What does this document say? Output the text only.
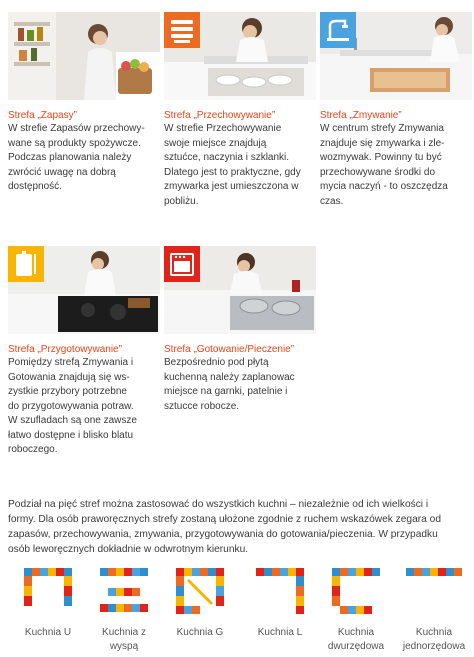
Strefa „Zapasy”
W strefie Zapasów przechowy-
wane są produkty spożywcze.
Podczas planowania należy
zwrócić uwagę na dobrą
dostępność.
Strefa „Przechowywanie”
W strefie Przechowywanie
swoje miejsce znajdują
sztućce, naczynia i szklanki.
Dlatego jest to praktyczne, gdy
zmywarka jest umieszczona w
pobliżu.
Strefa „Zmywanie”
W centrum strefy Zmywania
znajduje się zmywarka i zle-
wozmywak. Powinny tu być
przechowywane środki do
mycia naczyń - to oszczędza
czas.
Strefa „Przygotowywanie”
Pomiędzy strefą Zmywania i
Gotowania znajdują się ws-
zystkie przybory potrzebne
do przygotowywania potraw.
W szufladach są one zawsze
łatwo dostępne i blisko blatu
roboczego.
Strefa „Gotowanie/Pieczenie”
Bezpośrednio pod płytą
kuchenną należy zaplanowac
miejsce na garnki, patelnie i
sztucce robocze.
Podział na pięć stref można zastosować do wszystkich kuchni – niezależnie od ich wielkości i
formy. Dla osób praworęcznych strefy zostaną ułożone zgodnie z ruchem wskazówek zegara od
zapasów, przechowywania, zmywania, przygotowywania do gotowania/pieczenia. W przypadku
osób leworęcznych dokładnie w odwrotnym kierunku.
Kuchnia U	Kuchnia z
wyspą
Kuchnia G	Kuchnia L	Kuchnia
dwurzędowa
Kuchnia
jednorzędowa
